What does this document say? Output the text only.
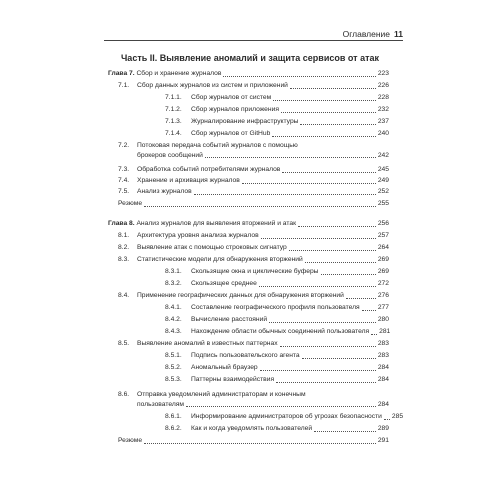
Оглавление 11
Часть II. Выявление аномалий и защита сервисов от атак
Глава 7. Сбор и хранение журналов	223
7.1. Сбор данных журналов из систем и приложений	226
7.1.1. Сбор журналов от систем	228
7.1.2. Сбор журналов приложения	232
7.1.3. Журналирование инфраструктуры	237
7.1.4. Сбор журналов от GitHub	240
7.2. Потоковая передача событий журналов с помощью
брокеров сообщений	242
7.3. Обработка событий потребителями журналов	245
7.4. Хранение и архивация журналов	249
7.5. Анализ журналов	252
Резюме	255
Глава 8. Анализ журналов для выявления вторжений и атак	256
8.1. Архитектура уровня анализа журналов	257
8.2. Выявление атак с помощью строковых сигнатур	264
8.3. Статистические модели для обнаружения вторжений	269
8.3.1. Скользящие окна и циклические буферы	269
8.3.2. Скользящее среднее	272
8.4. Применение географических данных для обнаружения вторжений	276
8.4.1. Составление географического профиля пользователя	277
8.4.2. Вычисление расстояний	280
8.4.3. Нахождение области обычных соединений пользователя 281
8.5. Выявление аномалий в известных паттернах	283
8.5.1. Подпись пользовательского агента	283
8.5.2. Аномальный браузер	284
8.5.3. Паттерны взаимодействия	284
8.6. Отправка уведомлений администраторам и конечным
пользователям	284
8.6.1. Информирование администраторов об угрозах безопасности 285
8.6.2. Как и когда уведомлять пользователей	289
Резюме	291
